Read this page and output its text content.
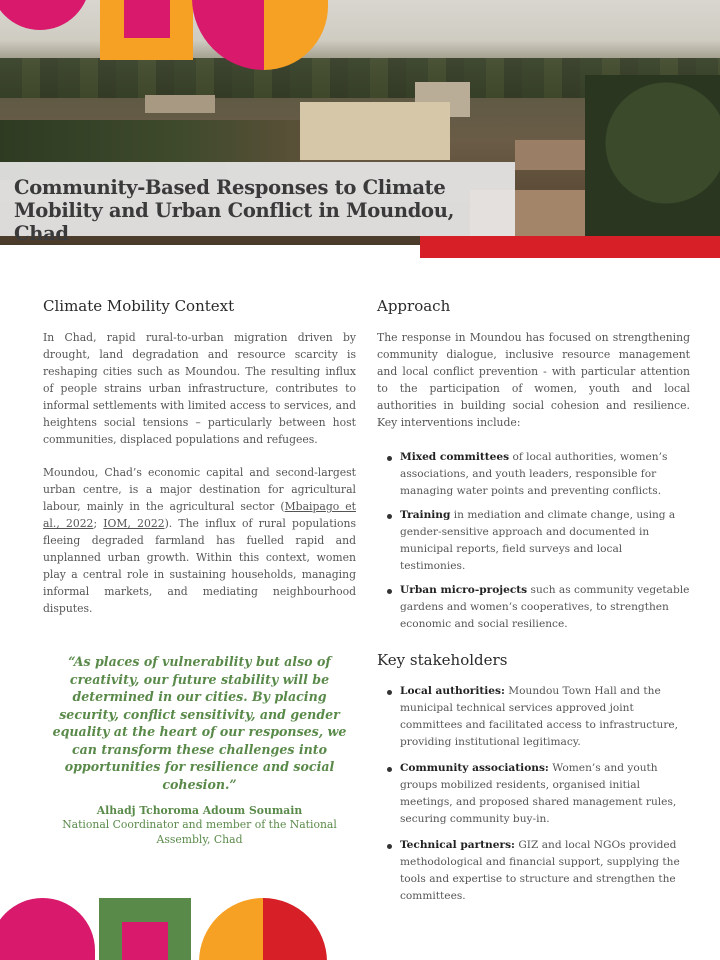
Community-Based Responses to Climate
Mobility and Urban Conflict in Moundou, Chad
Climate Mobility Context

In Chad, rapid rural-to-urban migration driven by drought, land degradation and resource scarcity is reshaping cities such as Moundou. The resulting influx of people strains urban infrastructure, contributes to informal settlements with limited access to services, and heightens social tensions – particularly between host communities, displaced populations and refugees.

Moundou, Chad’s economic capital and second-largest urban centre, is a major destination for agricultural labour, mainly in the agricultural sector (Mbaipago et al., 2022; IOM, 2022). The influx of rural populations fleeing degraded farmland has fuelled rapid and unplanned urban growth. Within this context, women play a central role in sustaining households, managing informal markets, and mediating neighbourhood disputes.

“As places of vulnerability but also of creativity, our future stability will be determined in our cities. By placing security, conflict sensitivity, and gender equality at the heart of our responses, we can transform these challenges into opportunities for resilience and social cohesion.”
Alhadj Tchoroma Adoum Soumain
National Coordinator and member of the National Assembly, Chad
Approach

The response in Moundou has focused on strengthening community dialogue, inclusive resource management and local conflict prevention - with particular attention to the participation of women, youth and local authorities in building social cohesion and resilience. Key interventions include:

Mixed committees of local authorities, women’s associations, and youth leaders, responsible for managing water points and preventing conflicts.
Training in mediation and climate change, using a gender-sensitive approach and documented in municipal reports, field surveys and local testimonies.
Urban micro-projects such as community vegetable gardens and women’s cooperatives, to strengthen economic and social resilience.
Key stakeholders
Local authorities: Moundou Town Hall and the municipal technical services approved joint committees and facilitated access to infrastructure, providing institutional legitimacy.
Community associations: Women’s and youth groups mobilized residents, organised initial meetings, and proposed shared management rules, securing community buy-in.
Technical partners: GIZ and local NGOs provided methodological and financial support, supplying the tools and expertise to structure and strengthen the committees.
